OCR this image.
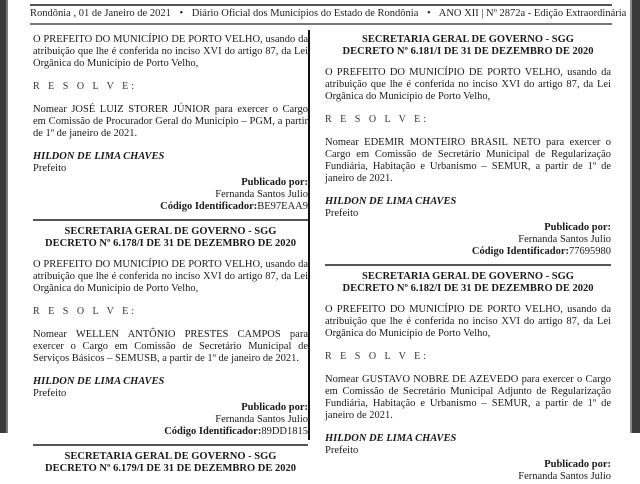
Rondônia , 01 de Janeiro de 2021 • Diário Oficial dos Municípios do Estado de Rondônia • ANO XII | Nº 2872a - Edição Extraordinária

O PREFEITO DO MUNICÍPIO DE PORTO VELHO, usando da atribuição que lhe é conferida no inciso XVI do artigo 87, da Lei Orgânica do Município de Porto Velho,

R E S O L V E:

Nomear JOSÉ LUIZ STORER JÚNIOR para exercer o Cargo em Comissão de Procurador Geral do Município – PGM, a partir de 1º de janeiro de 2021.

HILDON DE LIMA CHAVES
Prefeito
Publicado por:
Fernanda Santos Julio
Código Identificador:BE97EAA9
SECRETARIA GERAL DE GOVERNO - SGG
DECRETO Nº 6.178/I DE 31 DE DEZEMBRO DE 2020

O PREFEITO DO MUNICÍPIO DE PORTO VELHO, usando da atribuição que lhe é conferida no inciso XVI do artigo 87, da Lei Orgânica do Município de Porto Velho,

R E S O L V E:

Nomear WELLEN ANTÔNIO PRESTES CAMPOS para exercer o Cargo em Comissão de Secretário Municipal de Serviços Básicos – SEMUSB, a partir de 1º de janeiro de 2021.

HILDON DE LIMA CHAVES
Prefeito
Publicado por:
Fernanda Santos Julio
Código Identificador:89DD1815
SECRETARIA GERAL DE GOVERNO - SGG
DECRETO Nº 6.179/I DE 31 DE DEZEMBRO DE 2020
SECRETARIA GERAL DE GOVERNO - SGG
DECRETO Nº 6.181/I DE 31 DE DEZEMBRO DE 2020

O PREFEITO DO MUNICÍPIO DE PORTO VELHO, usando da atribuição que lhe é conferida no inciso XVI do artigo 87, da Lei Orgânica do Município de Porto Velho,

R E S O L V E:

Nomear EDEMIR MONTEIRO BRASIL NETO para exercer o Cargo em Comissão de Secretário Municipal de Regularização Fundiária, Habitação e Urbanismo – SEMUR, a partir de 1º de janeiro de 2021.

HILDON DE LIMA CHAVES
Prefeito
Publicado por:
Fernanda Santos Julio
Código Identificador:77695980
SECRETARIA GERAL DE GOVERNO - SGG
DECRETO Nº 6.182/I DE 31 DE DEZEMBRO DE 2020

O PREFEITO DO MUNICÍPIO DE PORTO VELHO, usando da atribuição que lhe é conferida no inciso XVI do artigo 87, da Lei Orgânica do Município de Porto Velho,

R E S O L V E:

Nomear GUSTAVO NOBRE DE AZEVEDO para exercer o Cargo em Comissão de Secretário Municipal Adjunto de Regularização Fundiária, Habitação e Urbanismo – SEMUR, a partir de 1º de janeiro de 2021.

HILDON DE LIMA CHAVES
Prefeito
Publicado por:
Fernanda Santos Julio
